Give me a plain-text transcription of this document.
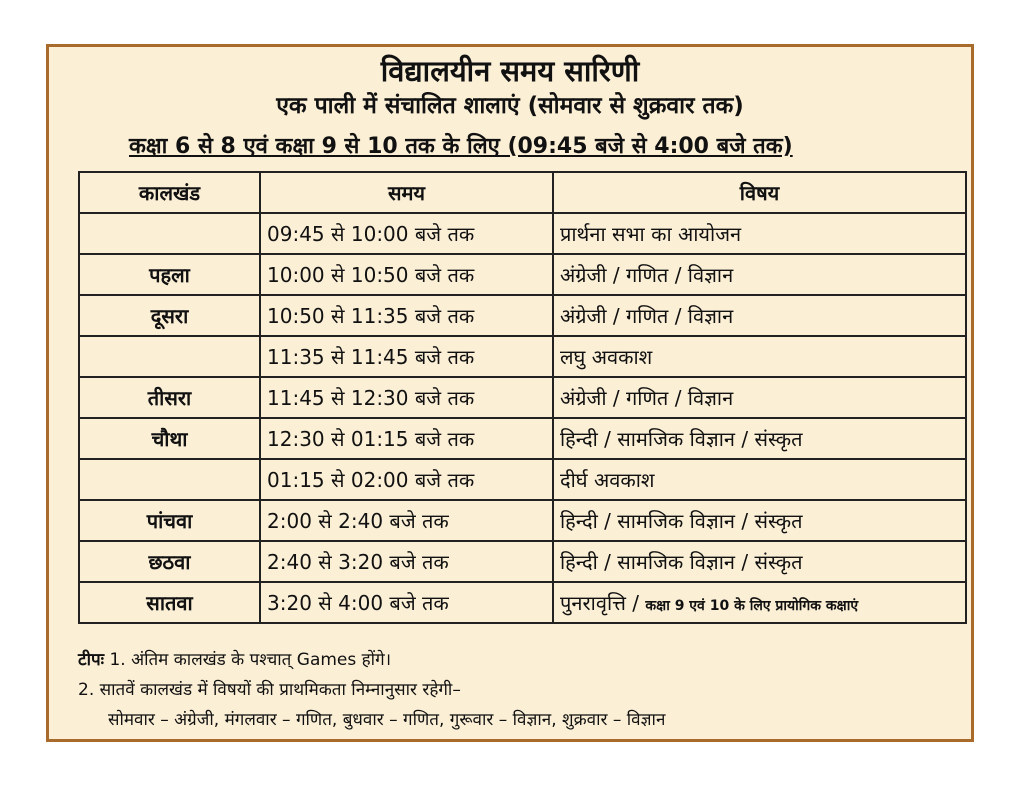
विद्यालयीन समय सारिणी
एक पाली में संचालित शालाएं (सोमवार से शुक्रवार तक)
कक्षा 6 से 8 एवं कक्षा 9 से 10 तक के लिए (09:45 बजे से 4:00 बजे तक)
कालखंड	समय	विषय
	09:45 से 10:00 बजे तक	प्रार्थना सभा का आयोजन
पहला	10:00 से 10:50 बजे तक	अंग्रेजी / गणित / विज्ञान
दूसरा	10:50 से 11:35 बजे तक	अंग्रेजी / गणित / विज्ञान
	11:35 से 11:45 बजे तक	लघु अवकाश
तीसरा	11:45 से 12:30 बजे तक	अंग्रेजी / गणित / विज्ञान
चौथा	12:30 से 01:15 बजे तक	हिन्दी / सामजिक विज्ञान / संस्कृत
	01:15 से 02:00 बजे तक	दीर्घ अवकाश
पांचवा	2:00 से 2:40 बजे तक	हिन्दी / सामजिक विज्ञान / संस्कृत
छठवा	2:40 से 3:20 बजे तक	हिन्दी / सामजिक विज्ञान / संस्कृत
सातवा	3:20 से 4:00 बजे तक	पुनरावृत्ति / कक्षा 9 एवं 10 के लिए प्रायोगिक कक्षाएं
टीपः 1. अंतिम कालखंड के पश्चात् Games होंगे।
2. सातवें कालखंड में विषयों की प्राथमिकता निम्नानुसार रहेगी–
सोमवार – अंग्रेजी, मंगलवार – गणित, बुधवार – गणित, गुरूवार – विज्ञान, शुक्रवार – विज्ञान
